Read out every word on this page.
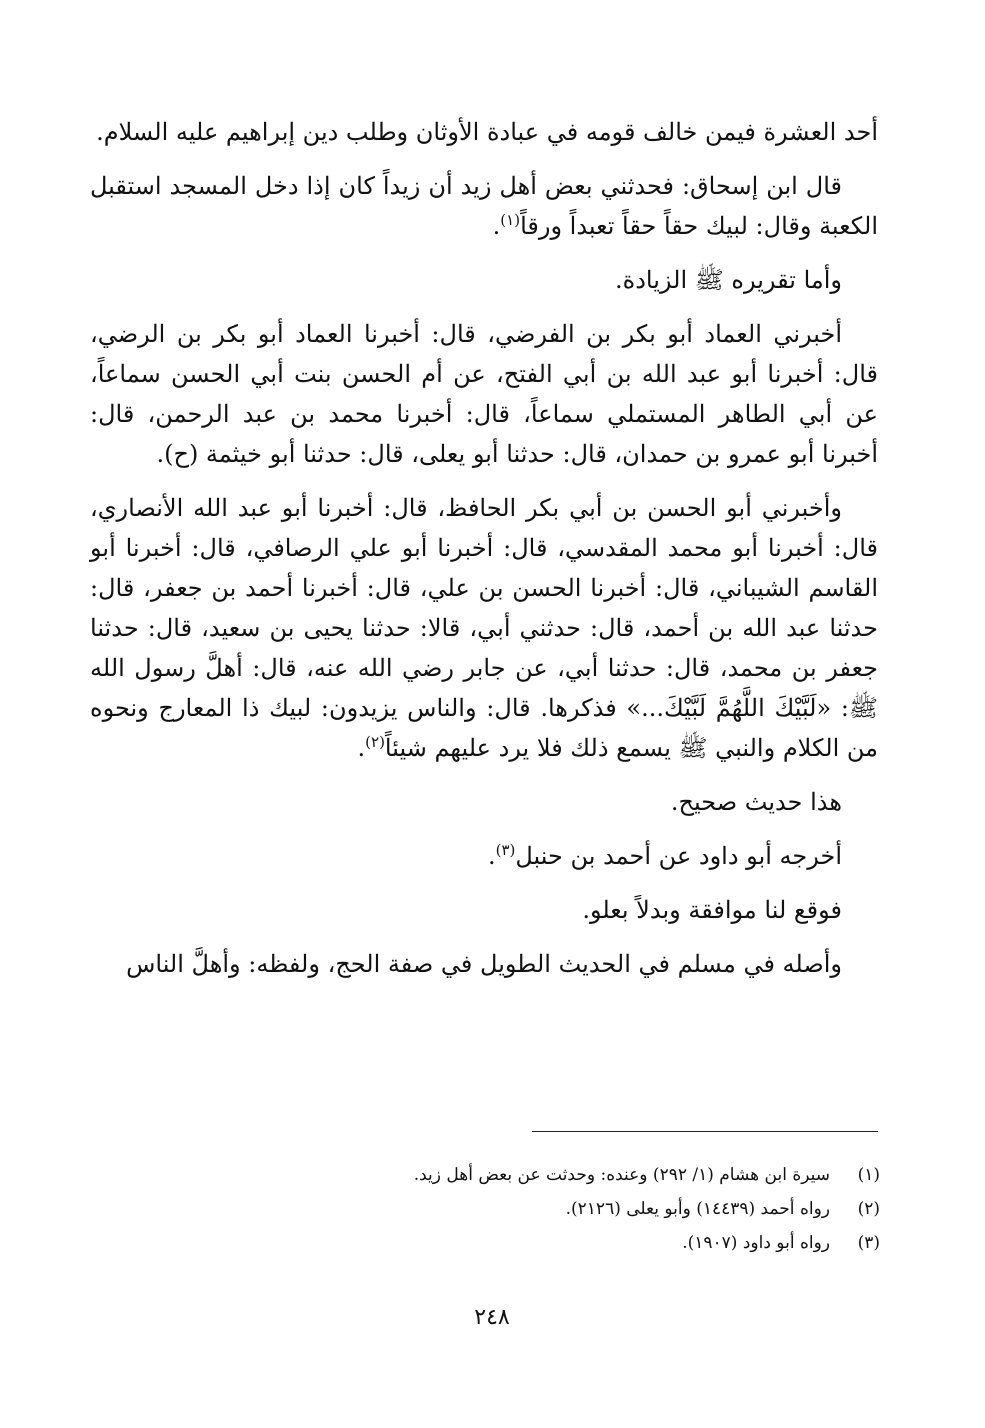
أحد العشرة فيمن خالف قومه في عبادة الأوثان وطلب دين إبراهيم عليه السلام.

قال ابن إسحاق: فحدثني بعض أهل زيد أن زيداً كان إذا دخل المسجد استقبل الكعبة وقال: لبيك حقاً حقاً تعبداً ورقاً$^{(١)}$.

وأما تقريره ﷺ الزيادة.

أخبرني العماد أبو بكر بن الفرضي، قال: أخبرنا العماد أبو بكر بن الرضي، قال: أخبرنا أبو عبد الله بن أبي الفتح، عن أم الحسن بنت أبي الحسن سماعاً، عن أبي الطاهر المستملي سماعاً، قال: أخبرنا محمد بن عبد الرحمن، قال: أخبرنا أبو عمرو بن حمدان، قال: حدثنا أبو يعلى، قال: حدثنا أبو خيثمة (ح).

وأخبرني أبو الحسن بن أبي بكر الحافظ، قال: أخبرنا أبو عبد الله الأنصاري، قال: أخبرنا أبو محمد المقدسي، قال: أخبرنا أبو علي الرصافي، قال: أخبرنا أبو القاسم الشيباني، قال: أخبرنا الحسن بن علي، قال: أخبرنا أحمد بن جعفر، قال: حدثنا عبد الله بن أحمد، قال: حدثني أبي، قالا: حدثنا يحيى بن سعيد، قال: حدثنا جعفر بن محمد، قال: حدثنا أبي، عن جابر رضي الله عنه، قال: أهلَّ رسول الله ﷺ: «لَبَّيْكَ اللَّهُمَّ لَبَّيْكَ...» فذكرها. قال: والناس يزيدون: لبيك ذا المعارج ونحوه من الكلام والنبي ﷺ يسمع ذلك فلا يرد عليهم شيئاً$^{(٢)}$.

هذا حديث صحيح.

أخرجه أبو داود عن أحمد بن حنبل$^{(٣)}$.

فوقع لنا موافقة وبدلاً بعلو.

وأصله في مسلم في الحديث الطويل في صفة الحج، ولفظه: وأهلَّ الناس

(١)
سيرة ابن هشام (١/ ٢٩٢) وعنده: وحدثت عن بعض أهل زيد.
(٢)
رواه أحمد (١٤٤٣٩) وأبو يعلى (٢١٢٦).
(٣)
رواه أبو داود (١٩٠٧).
٢٤٨
